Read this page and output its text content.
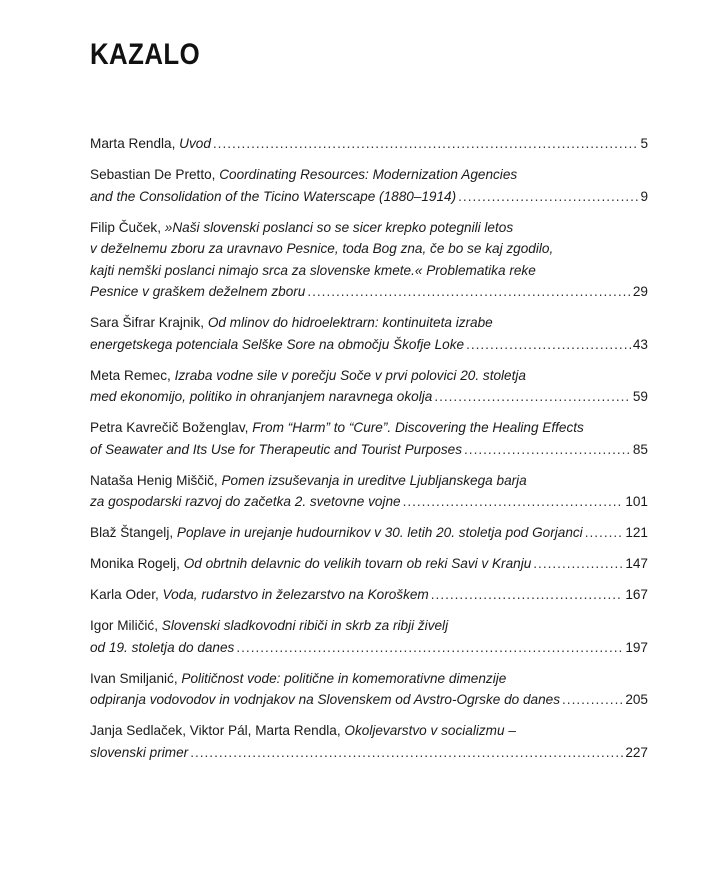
KAZALO
Marta Rendla, Uvod .....	5
Sebastian De Pretto, Coordinating Resources: Modernization Agencies
and the Consolidation of the Ticino Waterscape (1880–1914) .....	9
Filip Čuček, »Naši slovenski poslanci so se sicer krepko potegnili letos
v deželnemu zboru za uravnavo Pesnice, toda Bog zna, če bo se kaj zgodilo,
kajti nemški poslanci nimajo srca za slovenske kmete.« Problematika reke
Pesnice v graškem deželnem zboru .....	29
Sara Šifrar Krajnik, Od mlinov do hidroelektrarn: kontinuiteta izrabe
energetskega potenciala Selške Sore na območju Škofje Loke .....	43
Meta Remec, Izraba vodne sile v porečju Soče v prvi polovici 20. stoletja
med ekonomijo, politiko in ohranjanjem naravnega okolja .....	59
Petra Kavrečič Boženglav, From “Harm” to “Cure”. Discovering the Healing Effects
of Seawater and Its Use for Therapeutic and Tourist Purposes .....	85
Nataša Henig Miščič, Pomen izsuševanja in ureditve Ljubljanskega barja
za gospodarski razvoj do začetka 2. svetovne vojne .....	101
Blaž Štangelj, Poplave in urejanje hudournikov v 30. letih 20. stoletja pod Gorjanci .....	121
Monika Rogelj, Od obrtnih delavnic do velikih tovarn ob reki Savi v Kranju .....	147
Karla Oder, Voda, rudarstvo in železarstvo na Koroškem .....	167
Igor Miličić, Slovenski sladkovodni ribiči in skrb za ribji živelj
od 19. stoletja do danes .....	197
Ivan Smiljanić, Političnost vode: politične in komemorativne dimenzije
odpiranja vodovodov in vodnjakov na Slovenskem od Avstro-Ogrske do danes .....	205
Janja Sedlaček, Viktor Pál, Marta Rendla, Okoljevarstvo v socializmu –
slovenski primer .....	227
